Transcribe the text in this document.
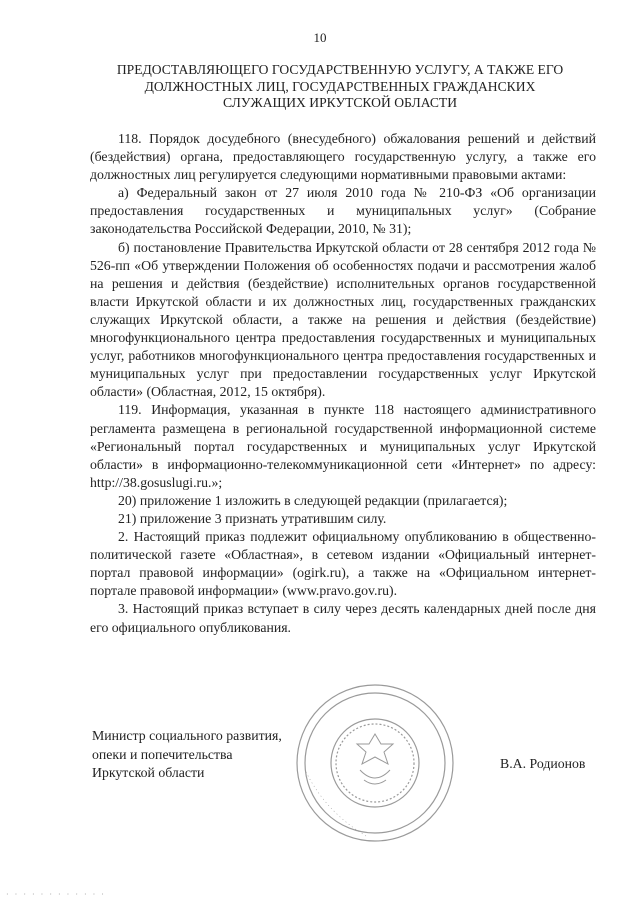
10
ПРЕДОСТАВЛЯЮЩЕГО ГОСУДАРСТВЕННУЮ УСЛУГУ, А ТАКЖЕ ЕГО
ДОЛЖНОСТНЫХ ЛИЦ, ГОСУДАРСТВЕННЫХ ГРАЖДАНСКИХ
СЛУЖАЩИХ ИРКУТСКОЙ ОБЛАСТИ

118. Порядок досудебного (внесудебного) обжалования решений и действий (бездействия) органа, предоставляющего государственную услугу, а также его должностных лиц регулируется следующими нормативными правовыми актами:

а) Федеральный закон от 27 июля 2010 года № 210-ФЗ «Об организации предоставления государственных и муниципальных услуг» (Собрание законодательства Российской Федерации, 2010, № 31);

б) постановление Правительства Иркутской области от 28 сентября 2012 года № 526-пп «Об утверждении Положения об особенностях подачи и рассмотрения жалоб на решения и действия (бездействие) исполнительных органов государственной власти Иркутской области и их должностных лиц, государственных гражданских служащих Иркутской области, а также на решения и действия (бездействие) многофункционального центра предоставления государственных и муниципальных услуг, работников многофункционального центра предоставления государственных и муниципальных услуг при предоставлении государственных услуг Иркутской области» (Областная, 2012, 15 октября).

119. Информация, указанная в пункте 118 настоящего административного регламента размещена в региональной государственной информационной системе «Региональный портал государственных и муниципальных услуг Иркутской области» в информационно-телекоммуникационной сети «Интернет» по адресу: http://38.gosuslugi.ru.»;

20) приложение 1 изложить в следующей редакции (прилагается);

21) приложение 3 признать утратившим силу.

2. Настоящий приказ подлежит официальному опубликованию в общественно-политической газете «Областная», в сетевом издании «Официальный интернет-портал правовой информации» (ogirk.ru), а также на «Официальном интернет-портале правовой информации» (www.pravo.gov.ru).

3. Настоящий приказ вступает в силу через десять календарных дней после дня его официального опубликования.

Министр социального развития,
опеки и попечительства
Иркутской области
В.А. Родионов
· · · · · · · · · · · ·
